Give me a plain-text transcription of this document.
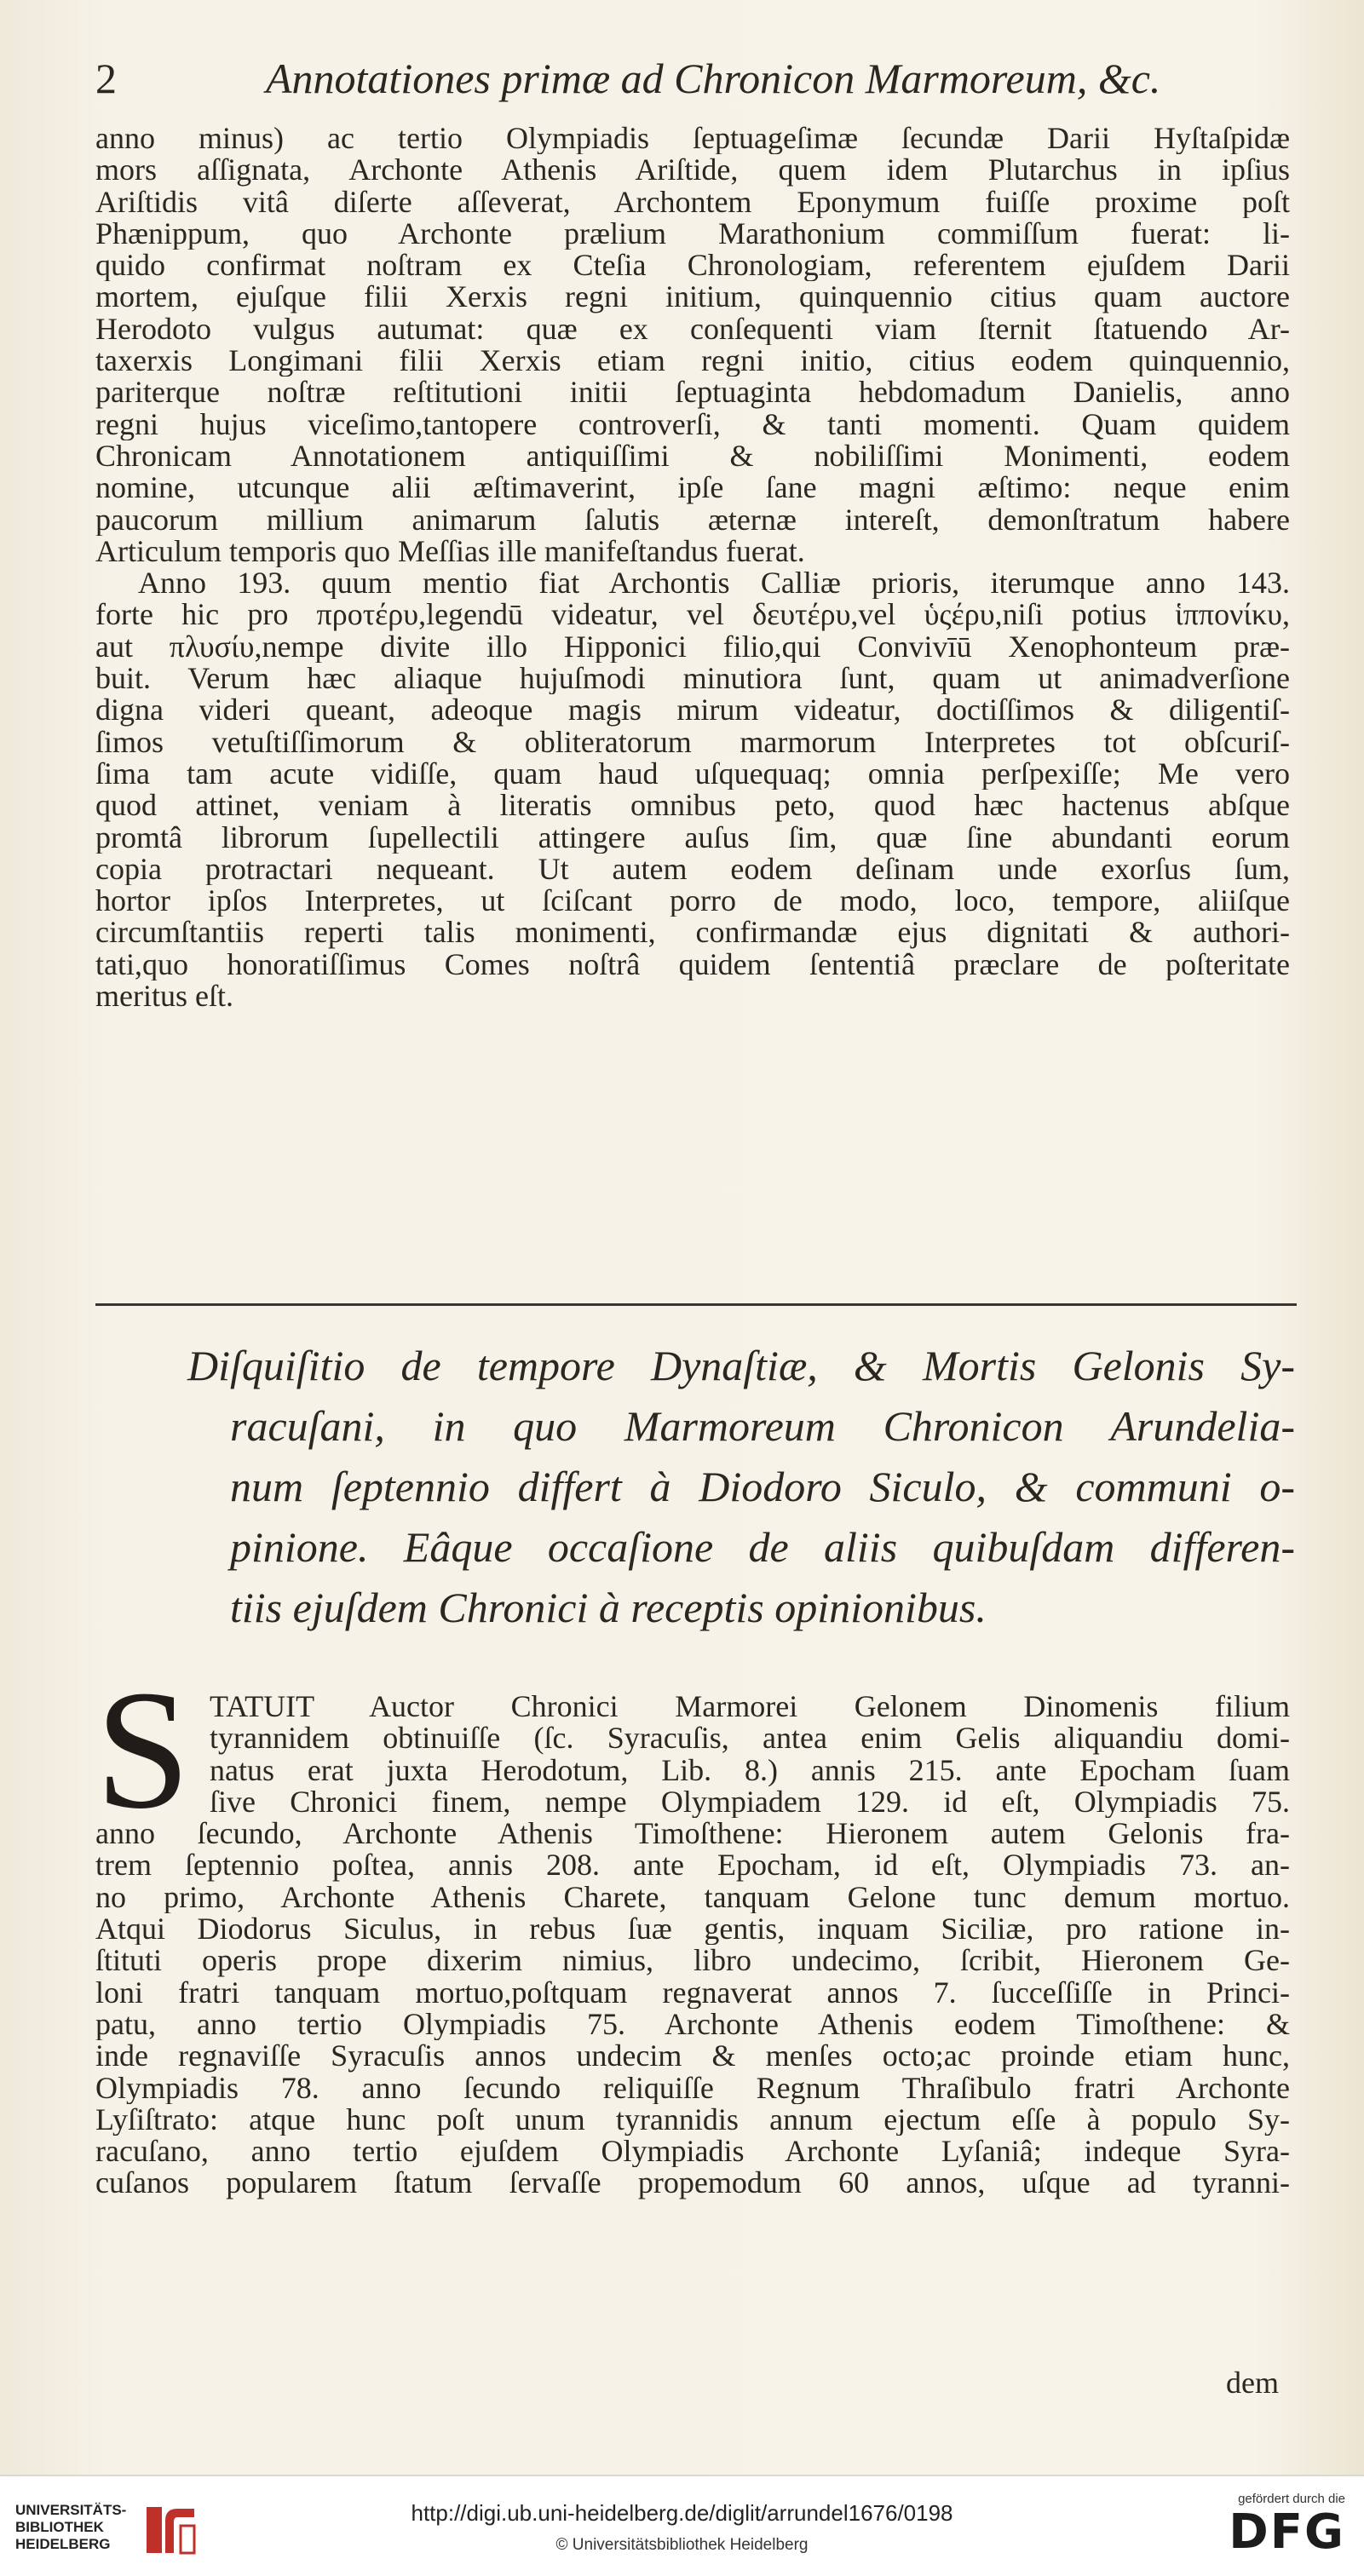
2	Annotationes primæ ad Chronicon Marmoreum, &c.
anno minus) ac tertio Olympiadis ſeptuageſimæ ſecundæ Darii Hyſtaſpidæ
mors aſſignata, Archonte Athenis Ariſtide, quem idem Plutarchus in ipſius
Ariſtidis vitâ diſerte aſſeverat, Archontem Eponymum fuiſſe proxime poſt
Phænippum, quo Archonte prælium Marathonium commiſſum fuerat: li-
quido confirmat noſtram ex Cteſia Chronologiam, referentem ejuſdem Darii
mortem, ejuſque filii Xerxis regni initium, quinquennio citius quam auctore
Herodoto vulgus autumat: quæ ex conſequenti viam ſternit ſtatuendo Ar-
taxerxis Longimani filii Xerxis etiam regni initio, citius eodem quinquennio,
pariterque noſtræ reſtitutioni initii ſeptuaginta hebdomadum Danielis, anno
regni hujus viceſimo,tantopere controverſi, & tanti momenti. Quam quidem
Chronicam Annotationem antiquiſſimi & nobiliſſimi Monimenti, eodem
nomine, utcunque alii æſtimaverint, ipſe ſane magni æſtimo: neque enim
paucorum millium animarum ſalutis æternæ intereſt, demonſtratum habere
Articulum temporis quo Meſſias ille manifeſtandus fuerat.
Anno 193. quum mentio fiat Archontis Calliæ prioris, iterumque anno 143.
forte hic pro προτέρυ,legendū videatur, vel δευτέρυ,vel ὑςέρυ,niſi potius ἱππονίκυ,
aut πλυσίυ,nempe divite illo Hipponici filio,qui Convivīū Xenophonteum præ-
buit. Verum hæc aliaque hujuſmodi minutiora ſunt, quam ut animadverſione
digna videri queant, adeoque magis mirum videatur, doctiſſimos & diligentiſ-
ſimos vetuſtiſſimorum & obliteratorum marmorum Interpretes tot obſcuriſ-
ſima tam acute vidiſſe, quam haud uſquequaq; omnia perſpexiſſe; Me vero
quod attinet, veniam à literatis omnibus peto, quod hæc hactenus abſque
promtâ librorum ſupellectili attingere auſus ſim, quæ ſine abundanti eorum
copia protractari nequeant. Ut autem eodem deſinam unde exorſus ſum,
hortor ipſos Interpretes, ut ſciſcant porro de modo, loco, tempore, aliiſque
circumſtantiis reperti talis monimenti, confirmandæ ejus dignitati & authori-
tati,quo honoratiſſimus Comes noſtrâ quidem ſententiâ præclare de poſteritate
meritus eſt.
Diſquiſitio de tempore Dynaſtiæ, & Mortis Gelonis Sy-
racuſani, in quo Marmoreum Chronicon Arundelia-
num ſeptennio differt à Diodoro Siculo, & communi o-
pinione. Eâque occaſione de aliis quibuſdam differen-
tiis ejuſdem Chronici à receptis opinionibus.
S TATUIT Auctor Chronici Marmorei Gelonem Dinomenis filium
tyrannidem obtinuiſſe (ſc. Syracuſis, antea enim Gelis aliquandiu domi-
natus erat juxta Herodotum, Lib. 8.) annis 215. ante Epocham ſuam
ſive Chronici finem, nempe Olympiadem 129. id eſt, Olympiadis 75.
anno ſecundo, Archonte Athenis Timoſthene: Hieronem autem Gelonis fra-
trem ſeptennio poſtea, annis 208. ante Epocham, id eſt, Olympiadis 73. an-
no primo, Archonte Athenis Charete, tanquam Gelone tunc demum mortuo.
Atqui Diodorus Siculus, in rebus ſuæ gentis, inquam Siciliæ, pro ratione in-
ſtituti operis prope dixerim nimius, libro undecimo, ſcribit, Hieronem Ge-
loni fratri tanquam mortuo,poſtquam regnaverat annos 7. ſucceſſiſſe in Princi-
patu, anno tertio Olympiadis 75. Archonte Athenis eodem Timoſthene: &
inde regnaviſſe Syracuſis annos undecim & menſes octo;ac proinde etiam hunc,
Olympiadis 78. anno ſecundo reliquiſſe Regnum Thraſibulo fratri Archonte
Lyſiſtrato: atque hunc poſt unum tyrannidis annum ejectum eſſe à populo Sy-
racuſano, anno tertio ejuſdem Olympiadis Archonte Lyſaniâ; indeque Syra-
cuſanos popularem ſtatum ſervaſſe propemodum 60 annos, uſque ad tyranni-
dem
UNIVERSITÄTS-
BIBLIOTHEK
HEIDELBERG
http://digi.ub.uni-heidelberg.de/diglit/arrundel1676/0198
© Universitätsbibliothek Heidelberg
gefördert durch die
DFG
